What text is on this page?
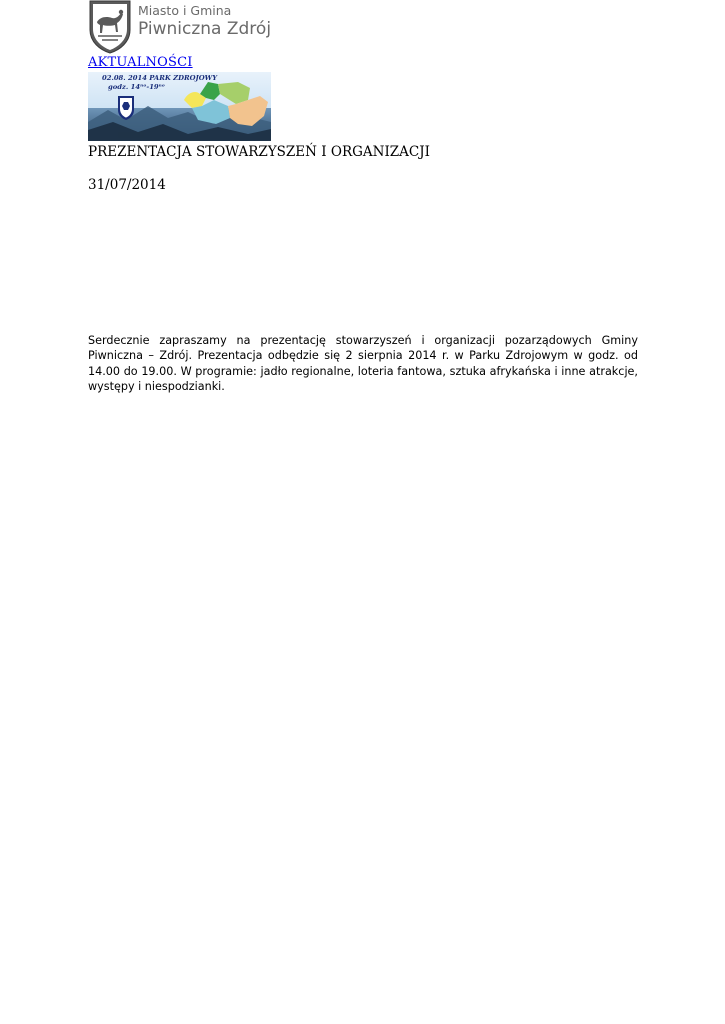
Miasto i Gmina
Piwniczna Zdrój
AKTUALNOŚCI
02.08. 2014 PARK ZDROJOWY
godz. 14ⁿᵒ-19ⁿᵒ
PREZENTACJA STOWARZYSZEŃ I ORGANIZACJI
31/07/2014
Serdecznie zapraszamy na prezentację stowarzyszeń i organizacji pozarządowych Gminy Piwniczna – Zdrój. Prezentacja odbędzie się 2 sierpnia 2014 r. w Parku Zdrojowym w godz. od 14.00 do 19.00. W programie: jadło regionalne, loteria fantowa, sztuka afrykańska i inne atrakcje, występy i niespodzianki.
